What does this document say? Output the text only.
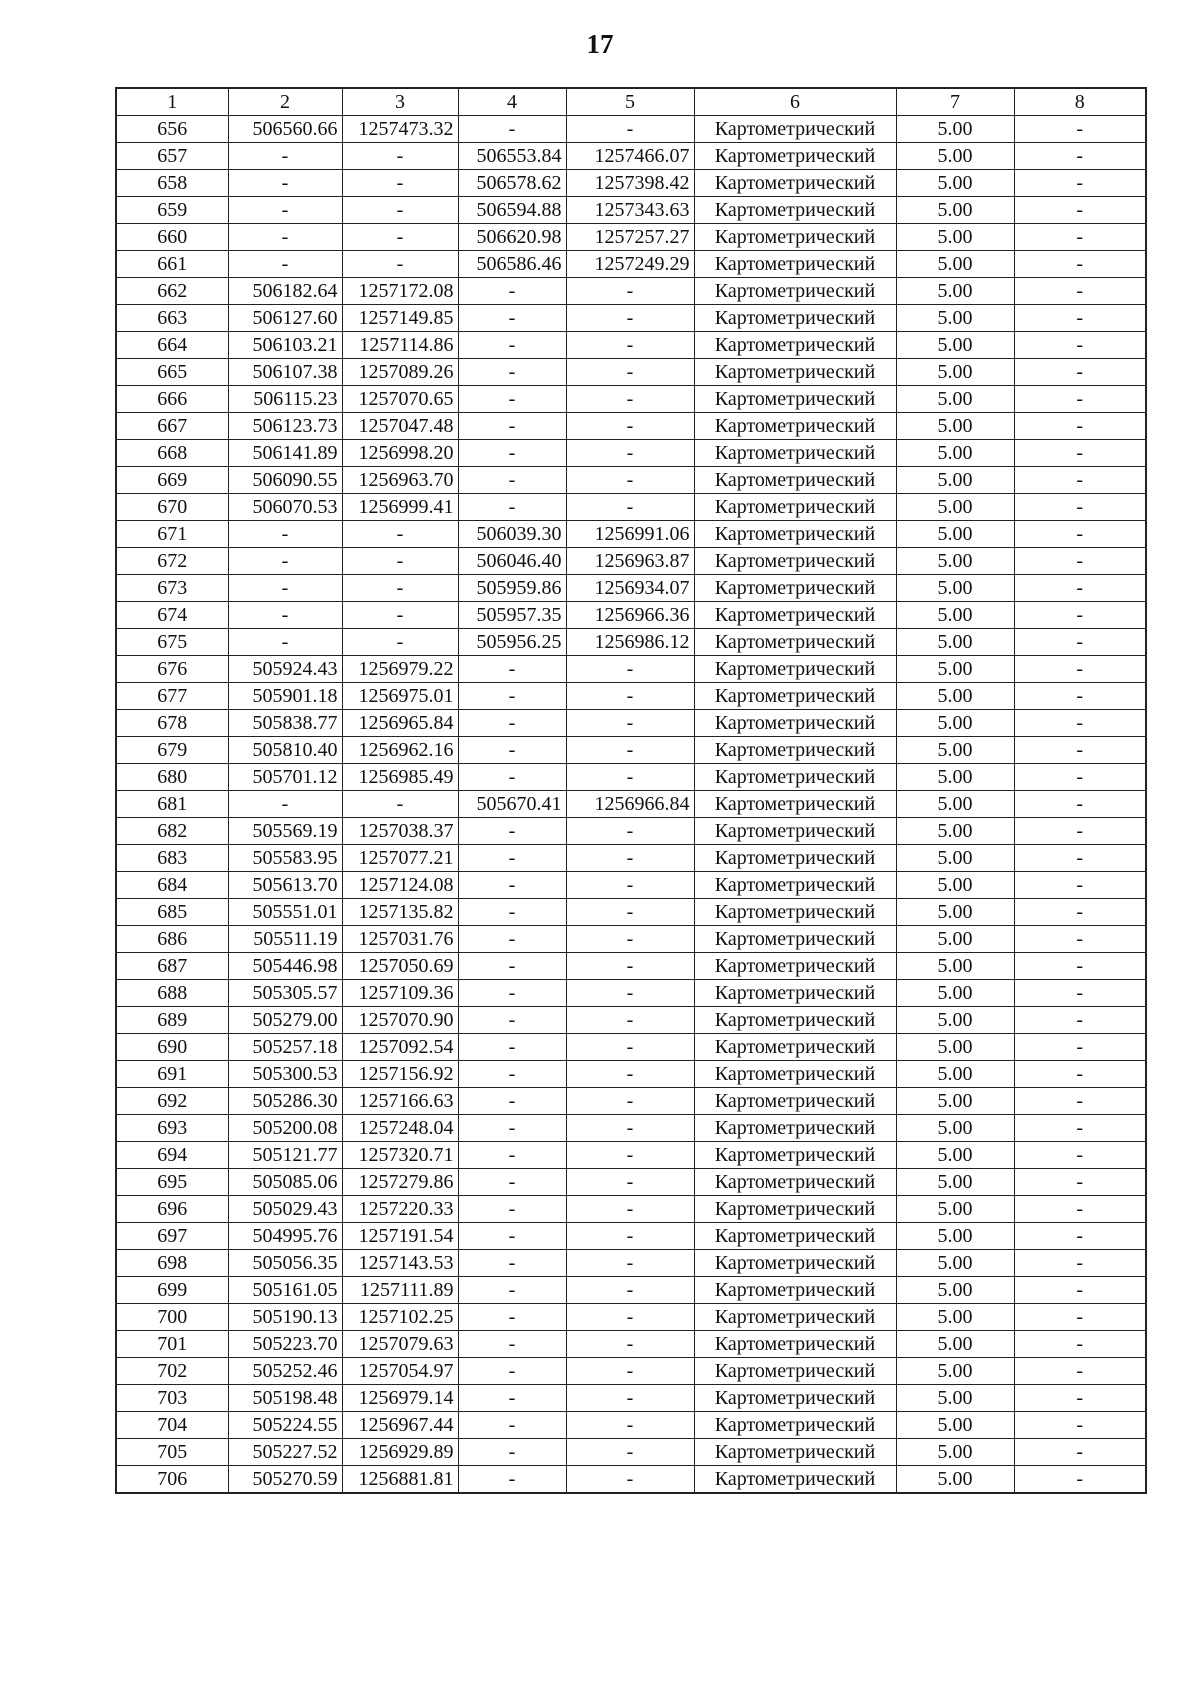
17
1	2	3	4	5	6	7	8
656	506560.66	1257473.32	-	-	Картометрический	5.00	-
657	-	-	506553.84	1257466.07	Картометрический	5.00	-
658	-	-	506578.62	1257398.42	Картометрический	5.00	-
659	-	-	506594.88	1257343.63	Картометрический	5.00	-
660	-	-	506620.98	1257257.27	Картометрический	5.00	-
661	-	-	506586.46	1257249.29	Картометрический	5.00	-
662	506182.64	1257172.08	-	-	Картометрический	5.00	-
663	506127.60	1257149.85	-	-	Картометрический	5.00	-
664	506103.21	1257114.86	-	-	Картометрический	5.00	-
665	506107.38	1257089.26	-	-	Картометрический	5.00	-
666	506115.23	1257070.65	-	-	Картометрический	5.00	-
667	506123.73	1257047.48	-	-	Картометрический	5.00	-
668	506141.89	1256998.20	-	-	Картометрический	5.00	-
669	506090.55	1256963.70	-	-	Картометрический	5.00	-
670	506070.53	1256999.41	-	-	Картометрический	5.00	-
671	-	-	506039.30	1256991.06	Картометрический	5.00	-
672	-	-	506046.40	1256963.87	Картометрический	5.00	-
673	-	-	505959.86	1256934.07	Картометрический	5.00	-
674	-	-	505957.35	1256966.36	Картометрический	5.00	-
675	-	-	505956.25	1256986.12	Картометрический	5.00	-
676	505924.43	1256979.22	-	-	Картометрический	5.00	-
677	505901.18	1256975.01	-	-	Картометрический	5.00	-
678	505838.77	1256965.84	-	-	Картометрический	5.00	-
679	505810.40	1256962.16	-	-	Картометрический	5.00	-
680	505701.12	1256985.49	-	-	Картометрический	5.00	-
681	-	-	505670.41	1256966.84	Картометрический	5.00	-
682	505569.19	1257038.37	-	-	Картометрический	5.00	-
683	505583.95	1257077.21	-	-	Картометрический	5.00	-
684	505613.70	1257124.08	-	-	Картометрический	5.00	-
685	505551.01	1257135.82	-	-	Картометрический	5.00	-
686	505511.19	1257031.76	-	-	Картометрический	5.00	-
687	505446.98	1257050.69	-	-	Картометрический	5.00	-
688	505305.57	1257109.36	-	-	Картометрический	5.00	-
689	505279.00	1257070.90	-	-	Картометрический	5.00	-
690	505257.18	1257092.54	-	-	Картометрический	5.00	-
691	505300.53	1257156.92	-	-	Картометрический	5.00	-
692	505286.30	1257166.63	-	-	Картометрический	5.00	-
693	505200.08	1257248.04	-	-	Картометрический	5.00	-
694	505121.77	1257320.71	-	-	Картометрический	5.00	-
695	505085.06	1257279.86	-	-	Картометрический	5.00	-
696	505029.43	1257220.33	-	-	Картометрический	5.00	-
697	504995.76	1257191.54	-	-	Картометрический	5.00	-
698	505056.35	1257143.53	-	-	Картометрический	5.00	-
699	505161.05	1257111.89	-	-	Картометрический	5.00	-
700	505190.13	1257102.25	-	-	Картометрический	5.00	-
701	505223.70	1257079.63	-	-	Картометрический	5.00	-
702	505252.46	1257054.97	-	-	Картометрический	5.00	-
703	505198.48	1256979.14	-	-	Картометрический	5.00	-
704	505224.55	1256967.44	-	-	Картометрический	5.00	-
705	505227.52	1256929.89	-	-	Картометрический	5.00	-
706	505270.59	1256881.81	-	-	Картометрический	5.00	-
